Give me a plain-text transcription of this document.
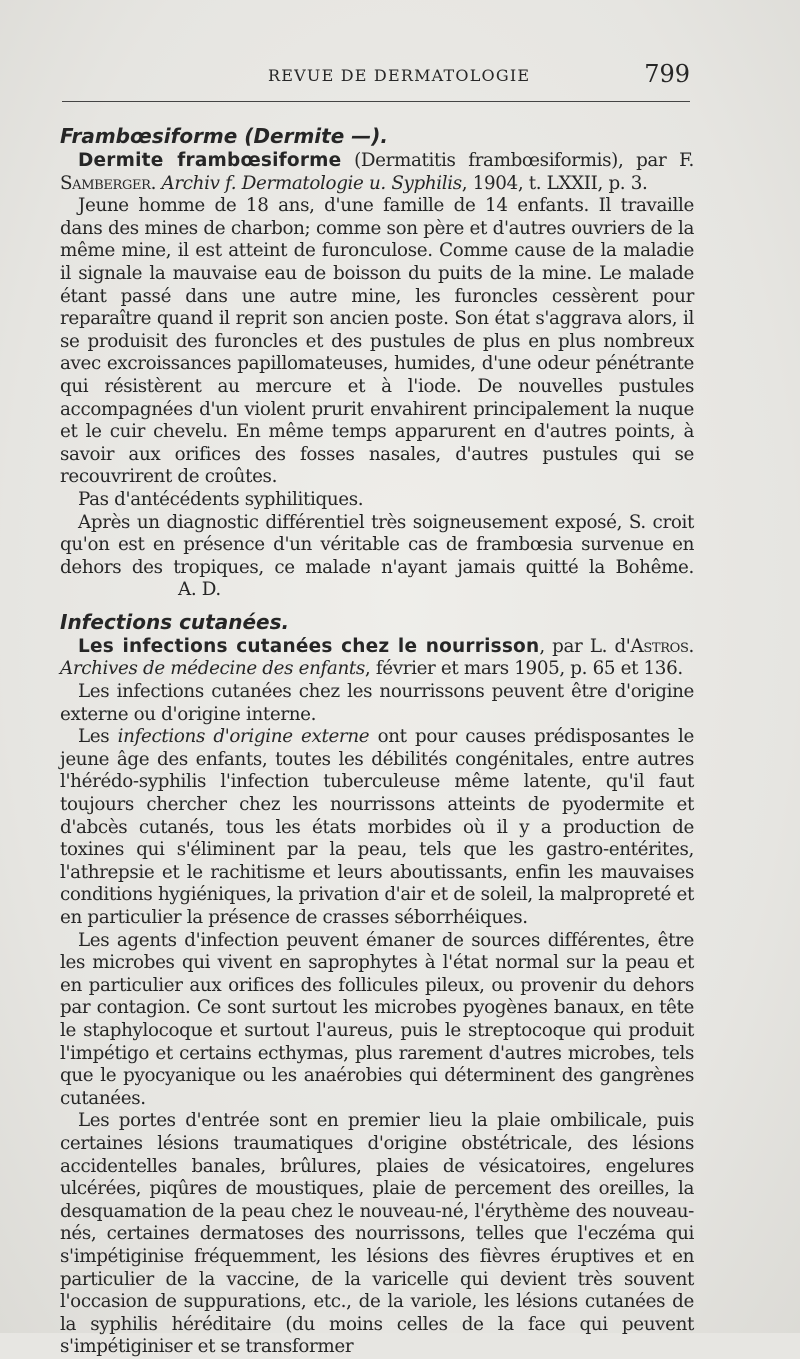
REVUE DE DERMATOLOGIE	799
Frambœsiforme (Dermite —).

Dermite frambœsiforme (Dermatitis frambœsiformis), par F. Samberger. Archiv f. Dermatologie u. Syphilis, 1904, t. LXXII, p. 3.

Jeune homme de 18 ans, d'une famille de 14 enfants. Il travaille dans des mines de charbon; comme son père et d'autres ouvriers de la même mine, il est atteint de furonculose. Comme cause de la maladie il signale la mauvaise eau de boisson du puits de la mine. Le malade étant passé dans une autre mine, les furoncles cessèrent pour reparaître quand il reprit son ancien poste. Son état s'aggrava alors, il se produisit des furoncles et des pustules de plus en plus nombreux avec excroissances papillomateuses, humides, d'une odeur pénétrante qui résistèrent au mercure et à l'iode. De nouvelles pustules accompagnées d'un violent prurit envahirent principalement la nuque et le cuir chevelu. En même temps apparurent en d'autres points, à savoir aux orifices des fosses nasales, d'autres pustules qui se recouvrirent de croûtes.

Pas d'antécédents syphilitiques.

Après un diagnostic différentiel très soigneusement exposé, S. croit qu'on est en présence d'un véritable cas de frambœsia survenue en dehors des tropiques, ce malade n'ayant jamais quitté la Bohême.A. D.

Infections cutanées.

Les infections cutanées chez le nourrisson, par L. d'Astros. Archives de médecine des enfants, février et mars 1905, p. 65 et 136.

Les infections cutanées chez les nourrissons peuvent être d'origine externe ou d'origine interne.

Les infections d'origine externe ont pour causes prédisposantes le jeune âge des enfants, toutes les débilités congénitales, entre autres l'hérédo-syphilis l'infection tuberculeuse même latente, qu'il faut toujours chercher chez les nourrissons atteints de pyodermite et d'abcès cutanés, tous les états morbides où il y a production de toxines qui s'éliminent par la peau, tels que les gastro-entérites, l'athrepsie et le rachitisme et leurs aboutissants, enfin les mauvaises conditions hygiéniques, la privation d'air et de soleil, la malpropreté et en particulier la présence de crasses séborrhéiques.

Les agents d'infection peuvent émaner de sources différentes, être les microbes qui vivent en saprophytes à l'état normal sur la peau et en particulier aux orifices des follicules pileux, ou provenir du dehors par contagion. Ce sont surtout les microbes pyogènes banaux, en tête le staphylocoque et surtout l'aureus, puis le streptocoque qui produit l'impétigo et certains ecthymas, plus rarement d'autres microbes, tels que le pyocyanique ou les anaérobies qui déterminent des gangrènes cutanées.

Les portes d'entrée sont en premier lieu la plaie ombilicale, puis certaines lésions traumatiques d'origine obstétricale, des lésions accidentelles banales, brûlures, plaies de vésicatoires, engelures ulcérées, piqûres de moustiques, plaie de percement des oreilles, la desquamation de la peau chez le nouveau-né, l'érythème des nouveau-nés, certaines dermatoses des nourrissons, telles que l'eczéma qui s'impétiginise fréquemment, les lésions des fièvres éruptives et en particulier de la vaccine, de la varicelle qui devient très souvent l'occasion de suppurations, etc., de la variole, les lésions cutanées de la syphilis héréditaire (du moins celles de la face qui peuvent s'impétiginiser et se transformer
